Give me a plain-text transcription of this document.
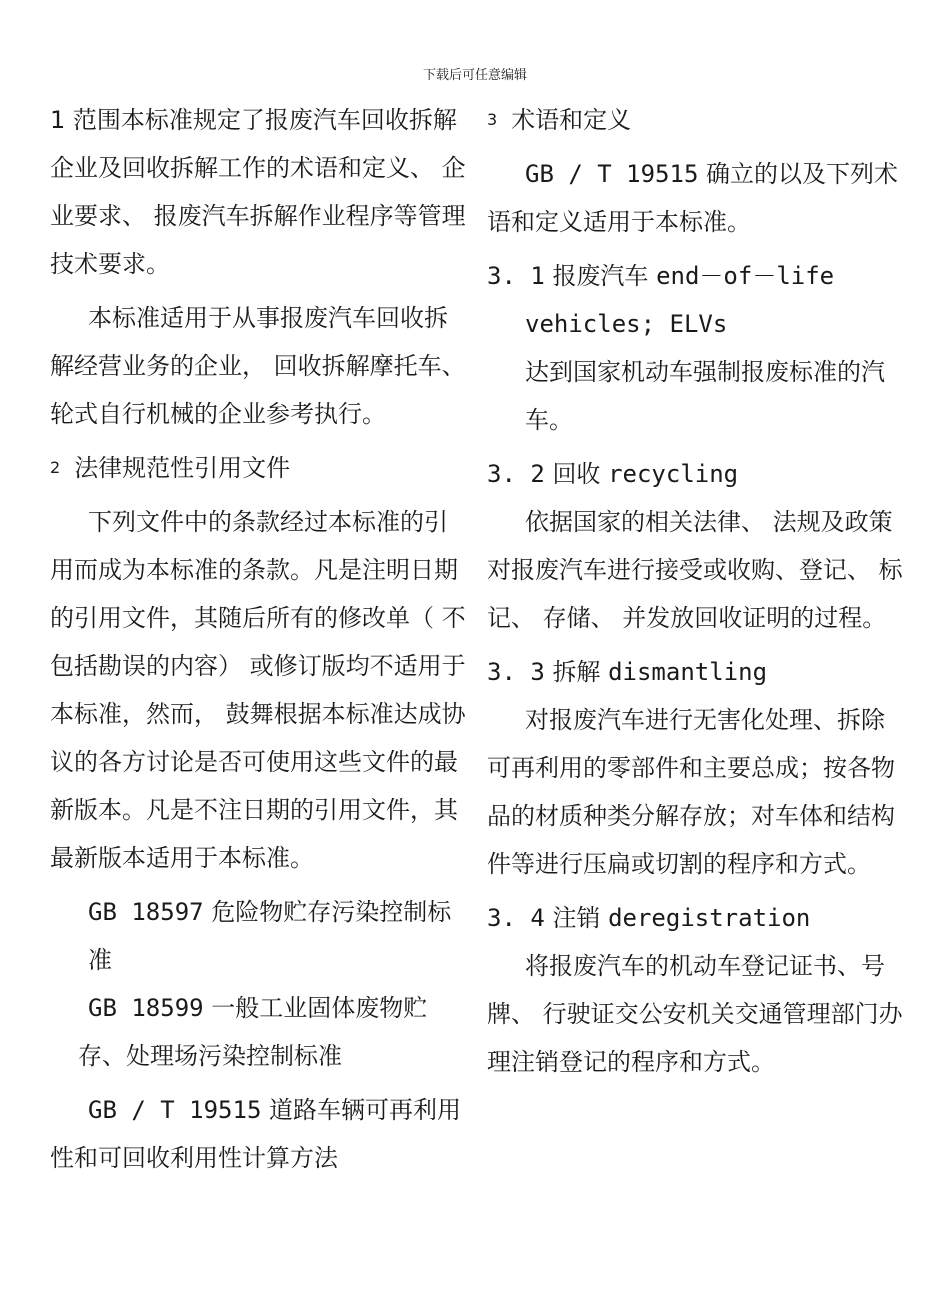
下载后可任意编辑

1 范围本标准规定了报废汽车回收拆解企业及回收拆解工作的术语和定义、 企业要求、 报废汽车拆解作业程序等管理技术要求。

本标准适用于从事报废汽车回收拆解经营业务的企业， 回收拆解摩托车、 轮式自行机械的企业参考执行。

2 法律规范性引用文件

下列文件中的条款经过本标准的引用而成为本标准的条款。凡是注明日期的引用文件，其随后所有的修改单（ 不包括勘误的内容） 或修订版均不适用于本标准，然而， 鼓舞根据本标准达成协议的各方讨论是否可使用这些文件的最新版本。凡是不注日期的引用文件，其最新版本适用于本标准。

GB 18597 危险物贮存污染控制标准

GB 18599 一般工业固体废物贮存、处理场污染控制标准

GB / T 19515 道路车辆可再利用性和可回收利用性计算方法

3 术语和定义

GB / T 19515 确立的以及下列术语和定义适用于本标准。

3. 1 报废汽车 end－of－life vehicles; ELVs

达到国家机动车强制报废标准的汽车。

3. 2 回收 recycling

依据国家的相关法律、 法规及政策对报废汽车进行接受或收购、登记、 标记、 存储、 并发放回收证明的过程。

3. 3 拆解 dismantling

对报废汽车进行无害化处理、拆除可再利用的零部件和主要总成；按各物品的材质种类分解存放；对车体和结构件等进行压扁或切割的程序和方式。

3. 4 注销 deregistration

将报废汽车的机动车登记证书、号牌、 行驶证交公安机关交通管理部门办理注销登记的程序和方式。
